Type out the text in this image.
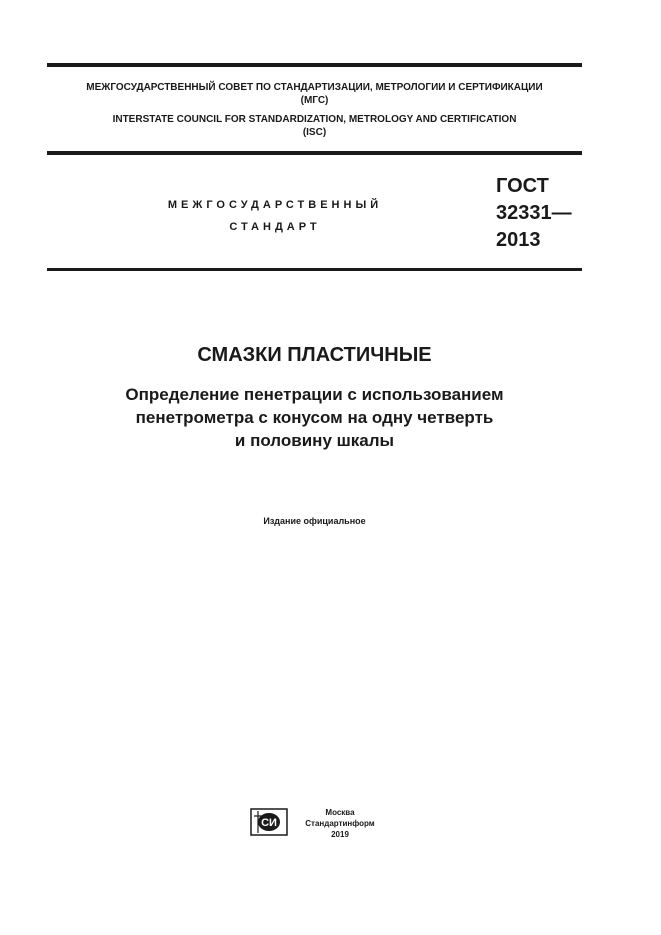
МЕЖГОСУДАРСТВЕННЫЙ СОВЕТ ПО СТАНДАРТИЗАЦИИ, МЕТРОЛОГИИ И СЕРТИФИКАЦИИ
(МГС)
INTERSTATE COUNCIL FOR STANDARDIZATION, METROLOGY AND CERTIFICATION
(ISC)
МЕЖГОСУДАРСТВЕННЫЙ
СТАНДАРТ
ГОСТ
32331—
2013
СМАЗКИ ПЛАСТИЧНЫЕ
Определение пенетрации с использованием
пенетрометра с конусом на одну четверть
и половину шкалы
Издание официальное
СИ
Москва
Стандартинформ
2019
